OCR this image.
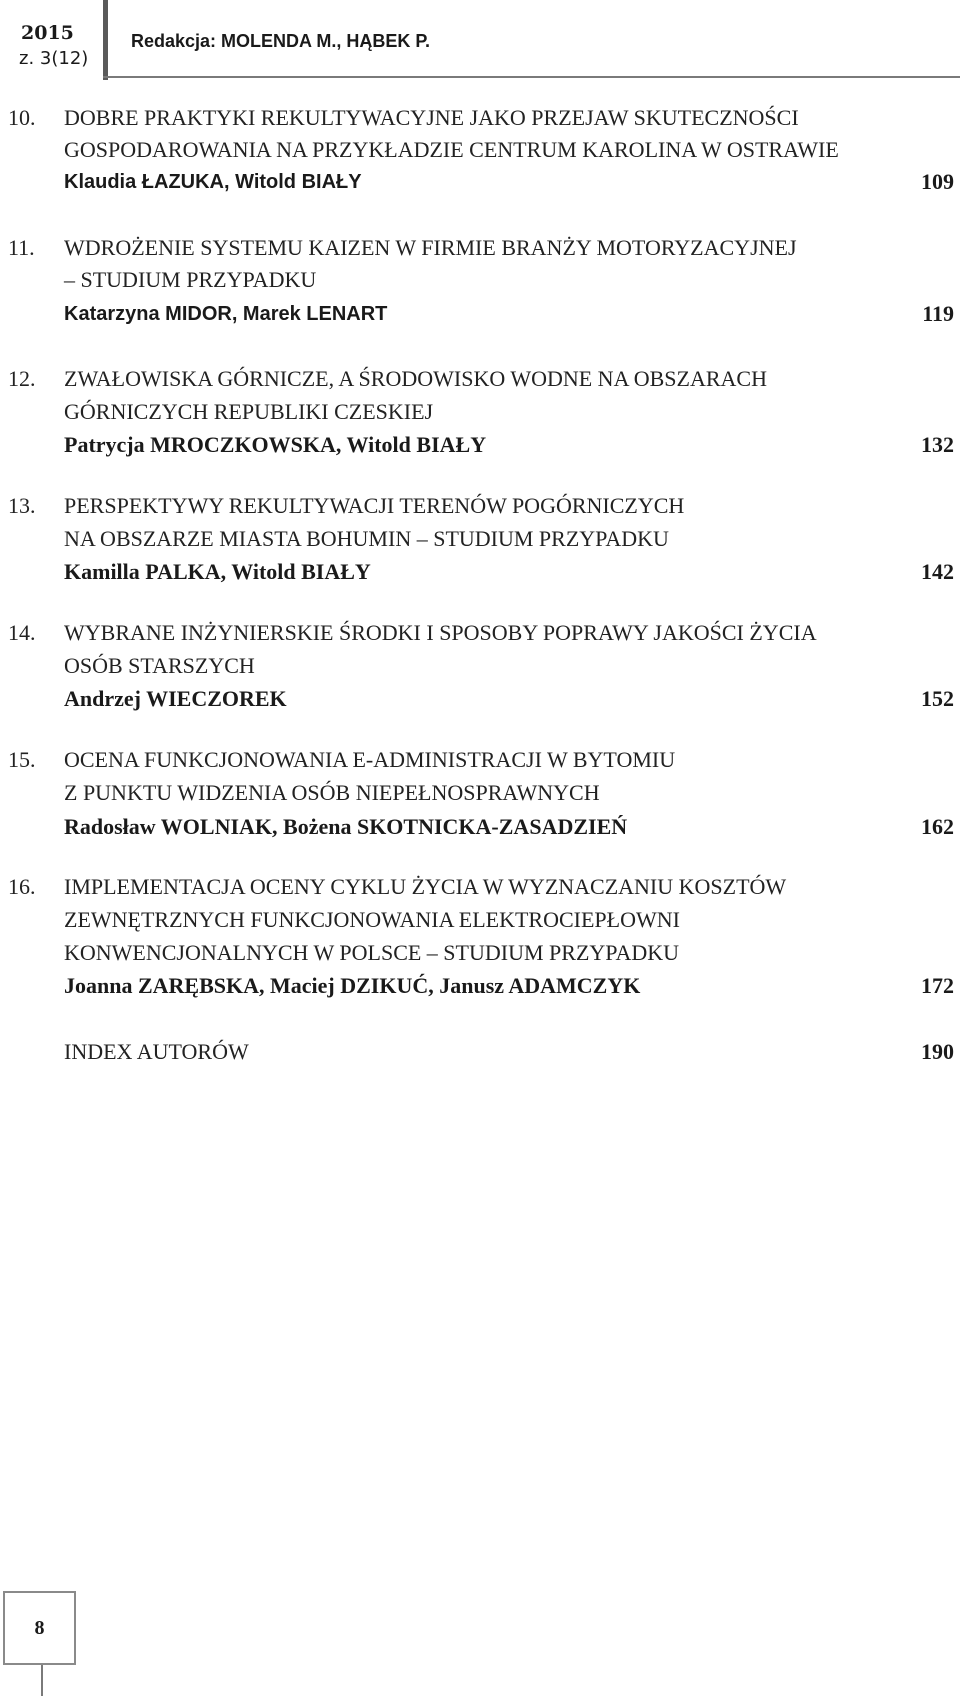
2015
z. 3(12)
Redakcja: MOLENDA M., HĄBEK P.
10. DOBRE PRAKTYKI REKULTYWACYJNE JAKO PRZEJAW SKUTECZNOŚCI
GOSPODAROWANIA NA PRZYKŁADZIE CENTRUM KAROLINA W OSTRAWIE
Klaudia ŁAZUKA, Witold BIAŁY	109
11. WDROŻENIE SYSTEMU KAIZEN W FIRMIE BRANŻY MOTORYZACYJNEJ
– STUDIUM PRZYPADKU
Katarzyna MIDOR, Marek LENART	119
12. ZWAŁOWISKA GÓRNICZE, A ŚRODOWISKO WODNE NA OBSZARACH
GÓRNICZYCH REPUBLIKI CZESKIEJ
Patrycja MROCZKOWSKA, Witold BIAŁY	132
13. PERSPEKTYWY REKULTYWACJI TERENÓW POGÓRNICZYCH
NA OBSZARZE MIASTA BOHUMIN – STUDIUM PRZYPADKU
Kamilla PALKA, Witold BIAŁY	142
14. WYBRANE INŻYNIERSKIE ŚRODKI I SPOSOBY POPRAWY JAKOŚCI ŻYCIA
OSÓB STARSZYCH
Andrzej WIECZOREK	152
15. OCENA FUNKCJONOWANIA E-ADMINISTRACJI W BYTOMIU
Z PUNKTU WIDZENIA OSÓB NIEPEŁNOSPRAWNYCH
Radosław WOLNIAK, Bożena SKOTNICKA-ZASADZIEŃ	162
16. IMPLEMENTACJA OCENY CYKLU ŻYCIA W WYZNACZANIU KOSZTÓW
ZEWNĘTRZNYCH FUNKCJONOWANIA ELEKTROCIEPŁOWNI
KONWENCJONALNYCH W POLSCE – STUDIUM PRZYPADKU
Joanna ZARĘBSKA, Maciej DZIKUĆ, Janusz ADAMCZYK	172
INDEX AUTORÓW	190
8
